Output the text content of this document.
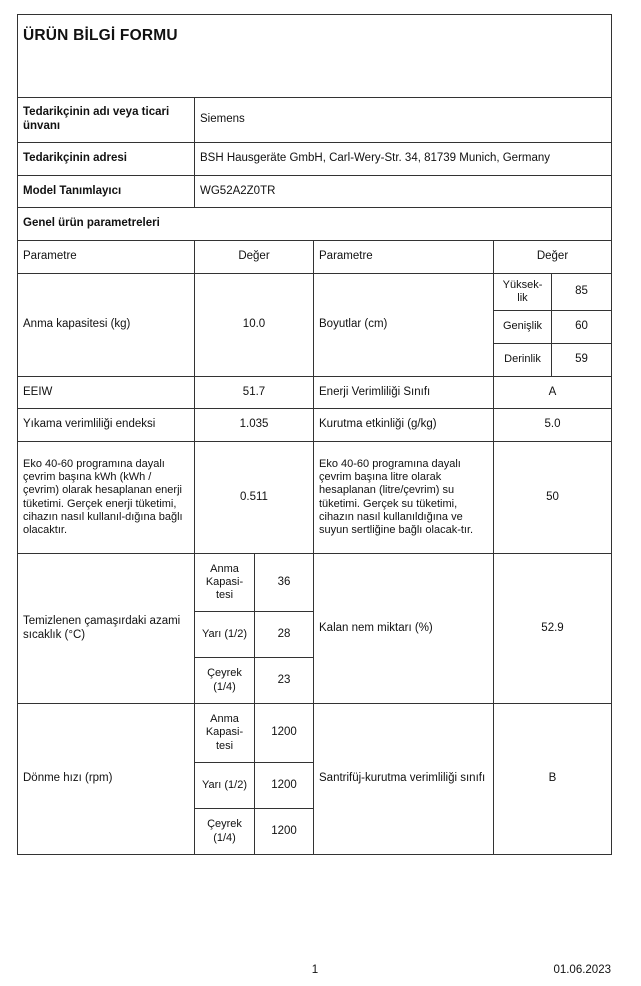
ÜRÜN BİLGİ FORMU					
Tedarikçinin adı veya ticari ünvanı	Siemens				
Tedarikçinin adresi	BSH Hausgeräte GmbH, Carl-Wery-Str. 34, 81739 Munich, Germany				
Model Tanımlayıcı	WG52A2Z0TR				
Genel ürün parametreleri					
Parametre	Değer		Parametre	Değer	
Anma kapasitesi (kg)	10.0		Boyutlar (cm)	Yüksek-lik	85
				Genişlik	60
				Derinlik	59
EEIW	51.7		Enerji Verimliliği Sınıfı	A	
Yıkama verimliliği endeksi	1.035		Kurutma etkinliği (g/kg)	5.0	
Eko 40-60 programına dayalı çevrim başına kWh (kWh / çevrim) olarak hesaplanan enerji tüketimi. Gerçek enerji tüketimi, cihazın nasıl kullanıl-dığına bağlı olacaktır.	0.511		Eko 40-60 programına dayalı çevrim başına litre olarak hesaplanan (litre/çevrim) su tüketimi. Gerçek su tüketimi, cihazın nasıl kullanıldığına ve suyun sertliğine bağlı olacak-tır.	50	
Temizlenen çamaşırdaki azami sıcaklık (°C)	Anma Kapasi-tesi	36	Kalan nem miktarı (%)	52.9	
	Yarı (1/2)	28			
	Çeyrek (1/4)	23			
Dönme hızı (rpm)	Anma Kapasi-tesi	1200	Santrifüj-kurutma verimliliği sınıfı	B	
	Yarı (1/2)	1200			
	Çeyrek (1/4)	1200			
1	01.06.2023
